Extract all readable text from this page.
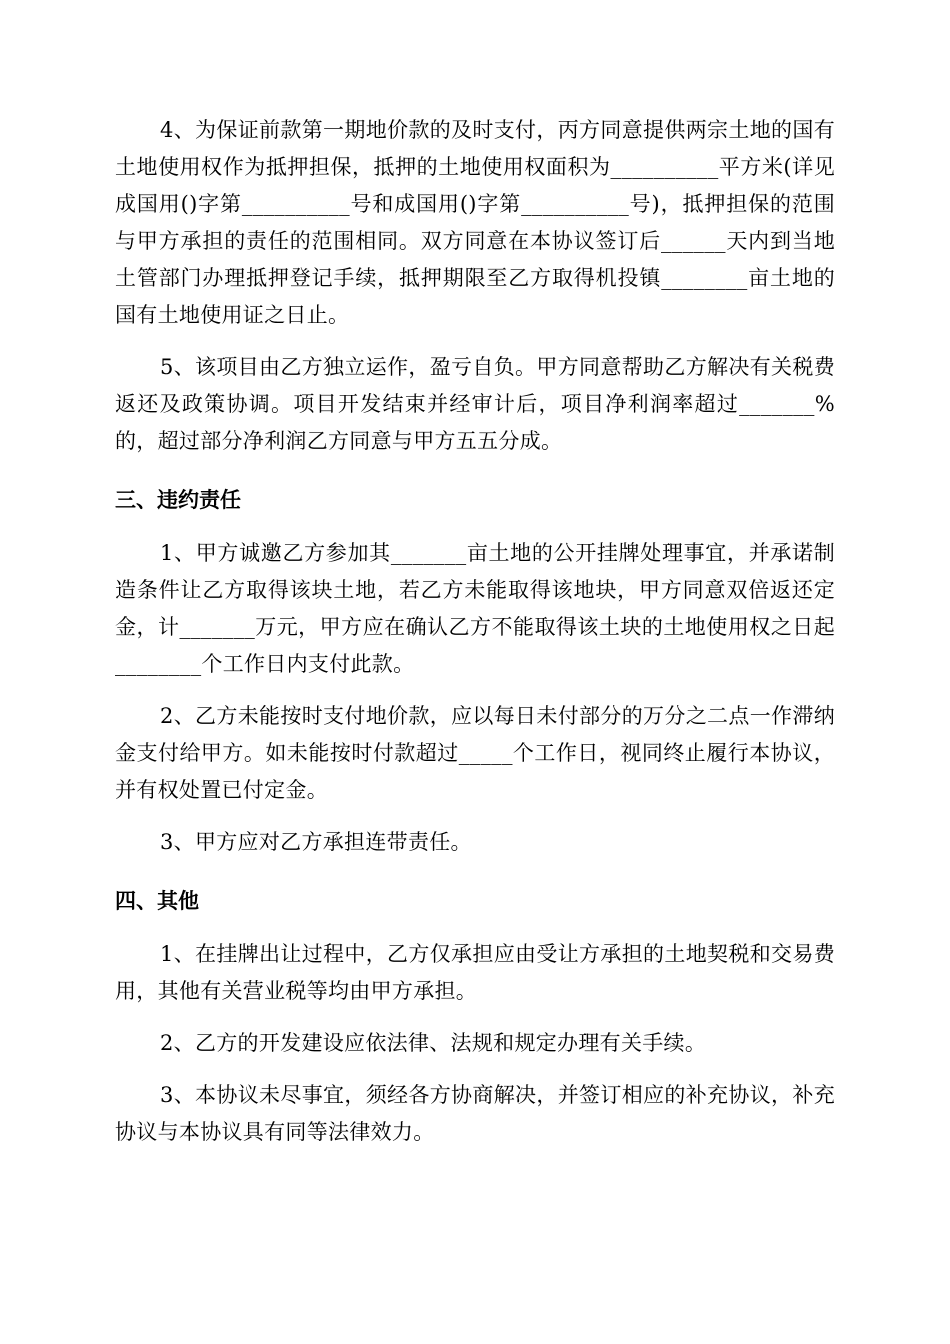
4、为保证前款第一期地价款的及时支付，丙方同意提供两宗土地的国有土地使用权作为抵押担保，抵押的土地使用权面积为__________平方米(详见成国用()字第__________号和成国用()字第__________号)，抵押担保的范围与甲方承担的责任的范围相同。双方同意在本协议签订后______天内到当地土管部门办理抵押登记手续，抵押期限至乙方取得机投镇________亩土地的国有土地使用证之日止。

5、该项目由乙方独立运作，盈亏自负。甲方同意帮助乙方解决有关税费返还及政策协调。项目开发结束并经审计后，项目净利润率超过_______%的，超过部分净利润乙方同意与甲方五五分成。

三、违约责任

1、甲方诚邀乙方参加其_______亩土地的公开挂牌处理事宜，并承诺制造条件让乙方取得该块土地，若乙方未能取得该地块，甲方同意双倍返还定金，计_______万元，甲方应在确认乙方不能取得该土块的土地使用权之日起________个工作日内支付此款。

2、乙方未能按时支付地价款，应以每日未付部分的万分之二点一作滞纳金支付给甲方。如未能按时付款超过_____个工作日，视同终止履行本协议，并有权处置已付定金。

3、甲方应对乙方承担连带责任。

四、其他

1、在挂牌出让过程中，乙方仅承担应由受让方承担的土地契税和交易费用，其他有关营业税等均由甲方承担。

2、乙方的开发建设应依法律、法规和规定办理有关手续。

3、本协议未尽事宜，须经各方协商解决，并签订相应的补充协议，补充协议与本协议具有同等法律效力。
